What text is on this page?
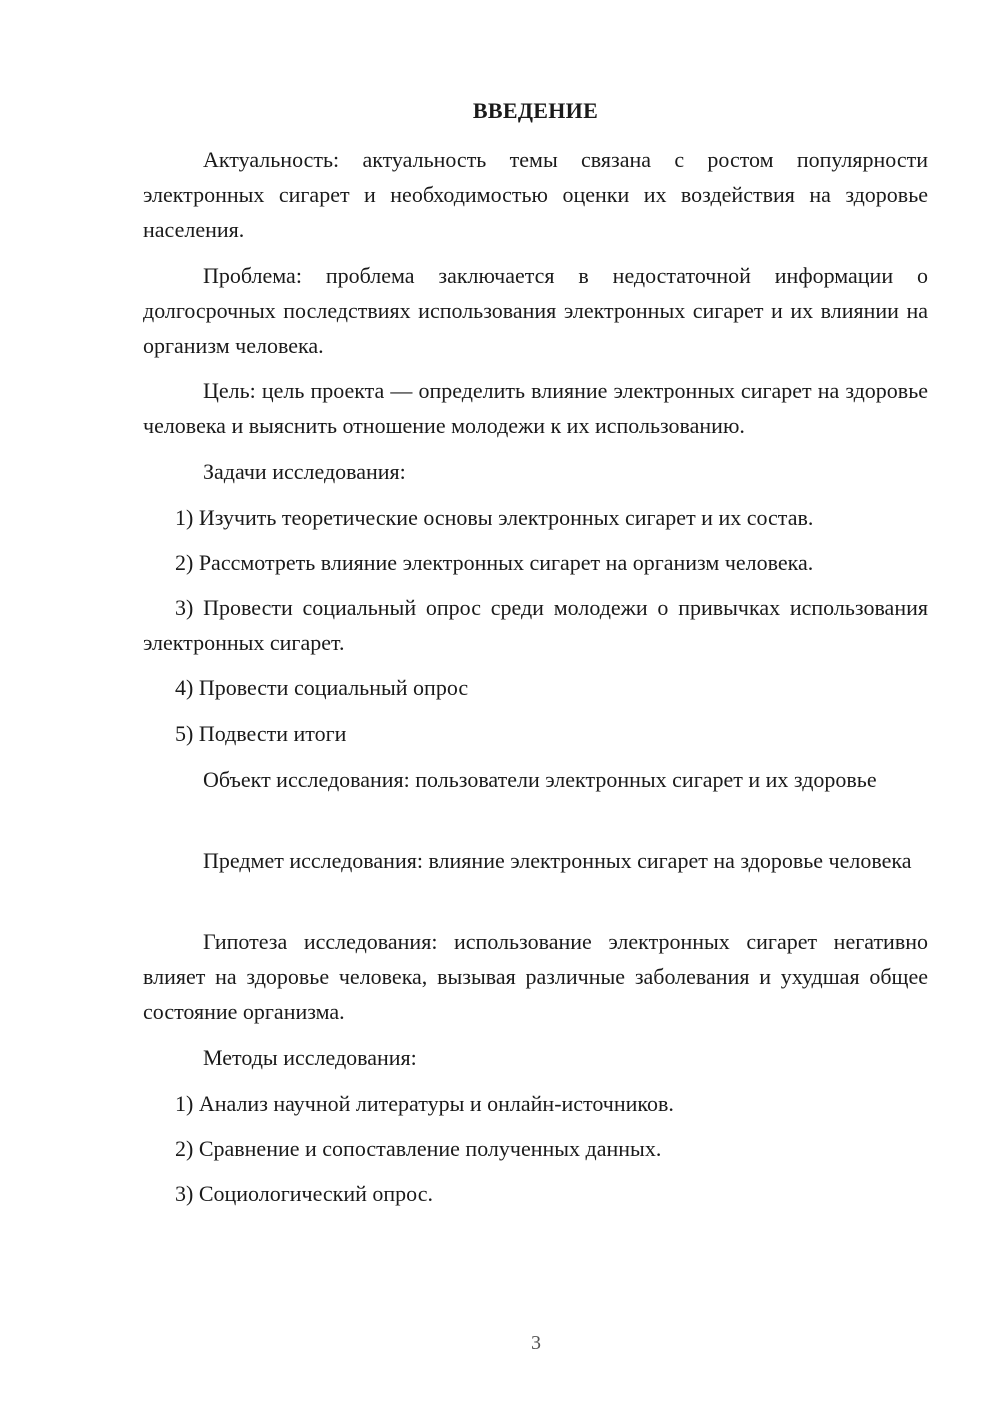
ВВЕДЕНИЕ

Актуальность: актуальность темы связана с ростом популярности электронных сигарет и необходимостью оценки их воздействия на здоровье населения.

Проблема: проблема заключается в недостаточной информации о долгосрочных последствиях использования электронных сигарет и их влиянии на организм человека.

Цель: цель проекта — определить влияние электронных сигарет на здоровье человека и выяснить отношение молодежи к их использованию.

Задачи исследования:

1) Изучить теоретические основы электронных сигарет и их состав.

2) Рассмотреть влияние электронных сигарет на организм человека.

3) Провести социальный опрос среди молодежи о привычках использования электронных сигарет.

4) Провести социальный опрос

5) Подвести итоги

Объект исследования: пользователи электронных сигарет и их здоровье

Предмет исследования: влияние электронных сигарет на здоровье человека

Гипотеза исследования: использование электронных сигарет негативно влияет на здоровье человека, вызывая различные заболевания и ухудшая общее состояние организма.

Методы исследования:

1) Анализ научной литературы и онлайн-источников.

2) Сравнение и сопоставление полученных данных.

3) Социологический опрос.

3
